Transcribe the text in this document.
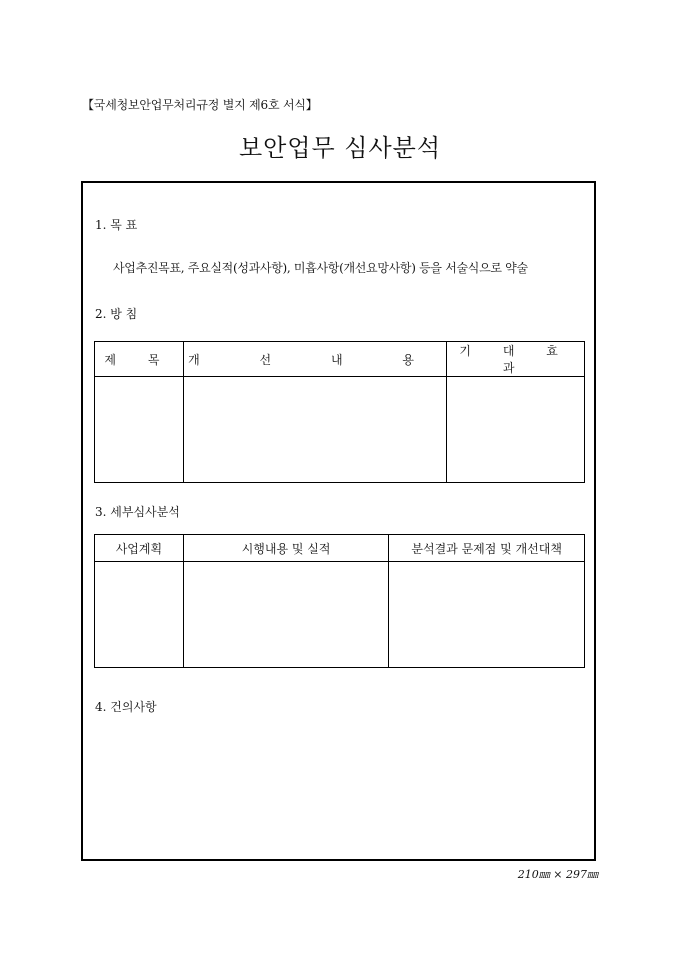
【국세청보안업무처리규정 별지 제6호 서식】
보안업무 심사분석
1. 목 표
사업추진목표, 주요실적(성과사항), 미흡사항(개선요망사항) 등을 서술식으로 약술
2. 방 침
제 목	개 선 내 용	기 대 효 과

3. 세부심사분석
사업계획	시행내용 및 실적	분석결과 문제점 및 개선대책

4. 건의사항
210㎜ × 297㎜
